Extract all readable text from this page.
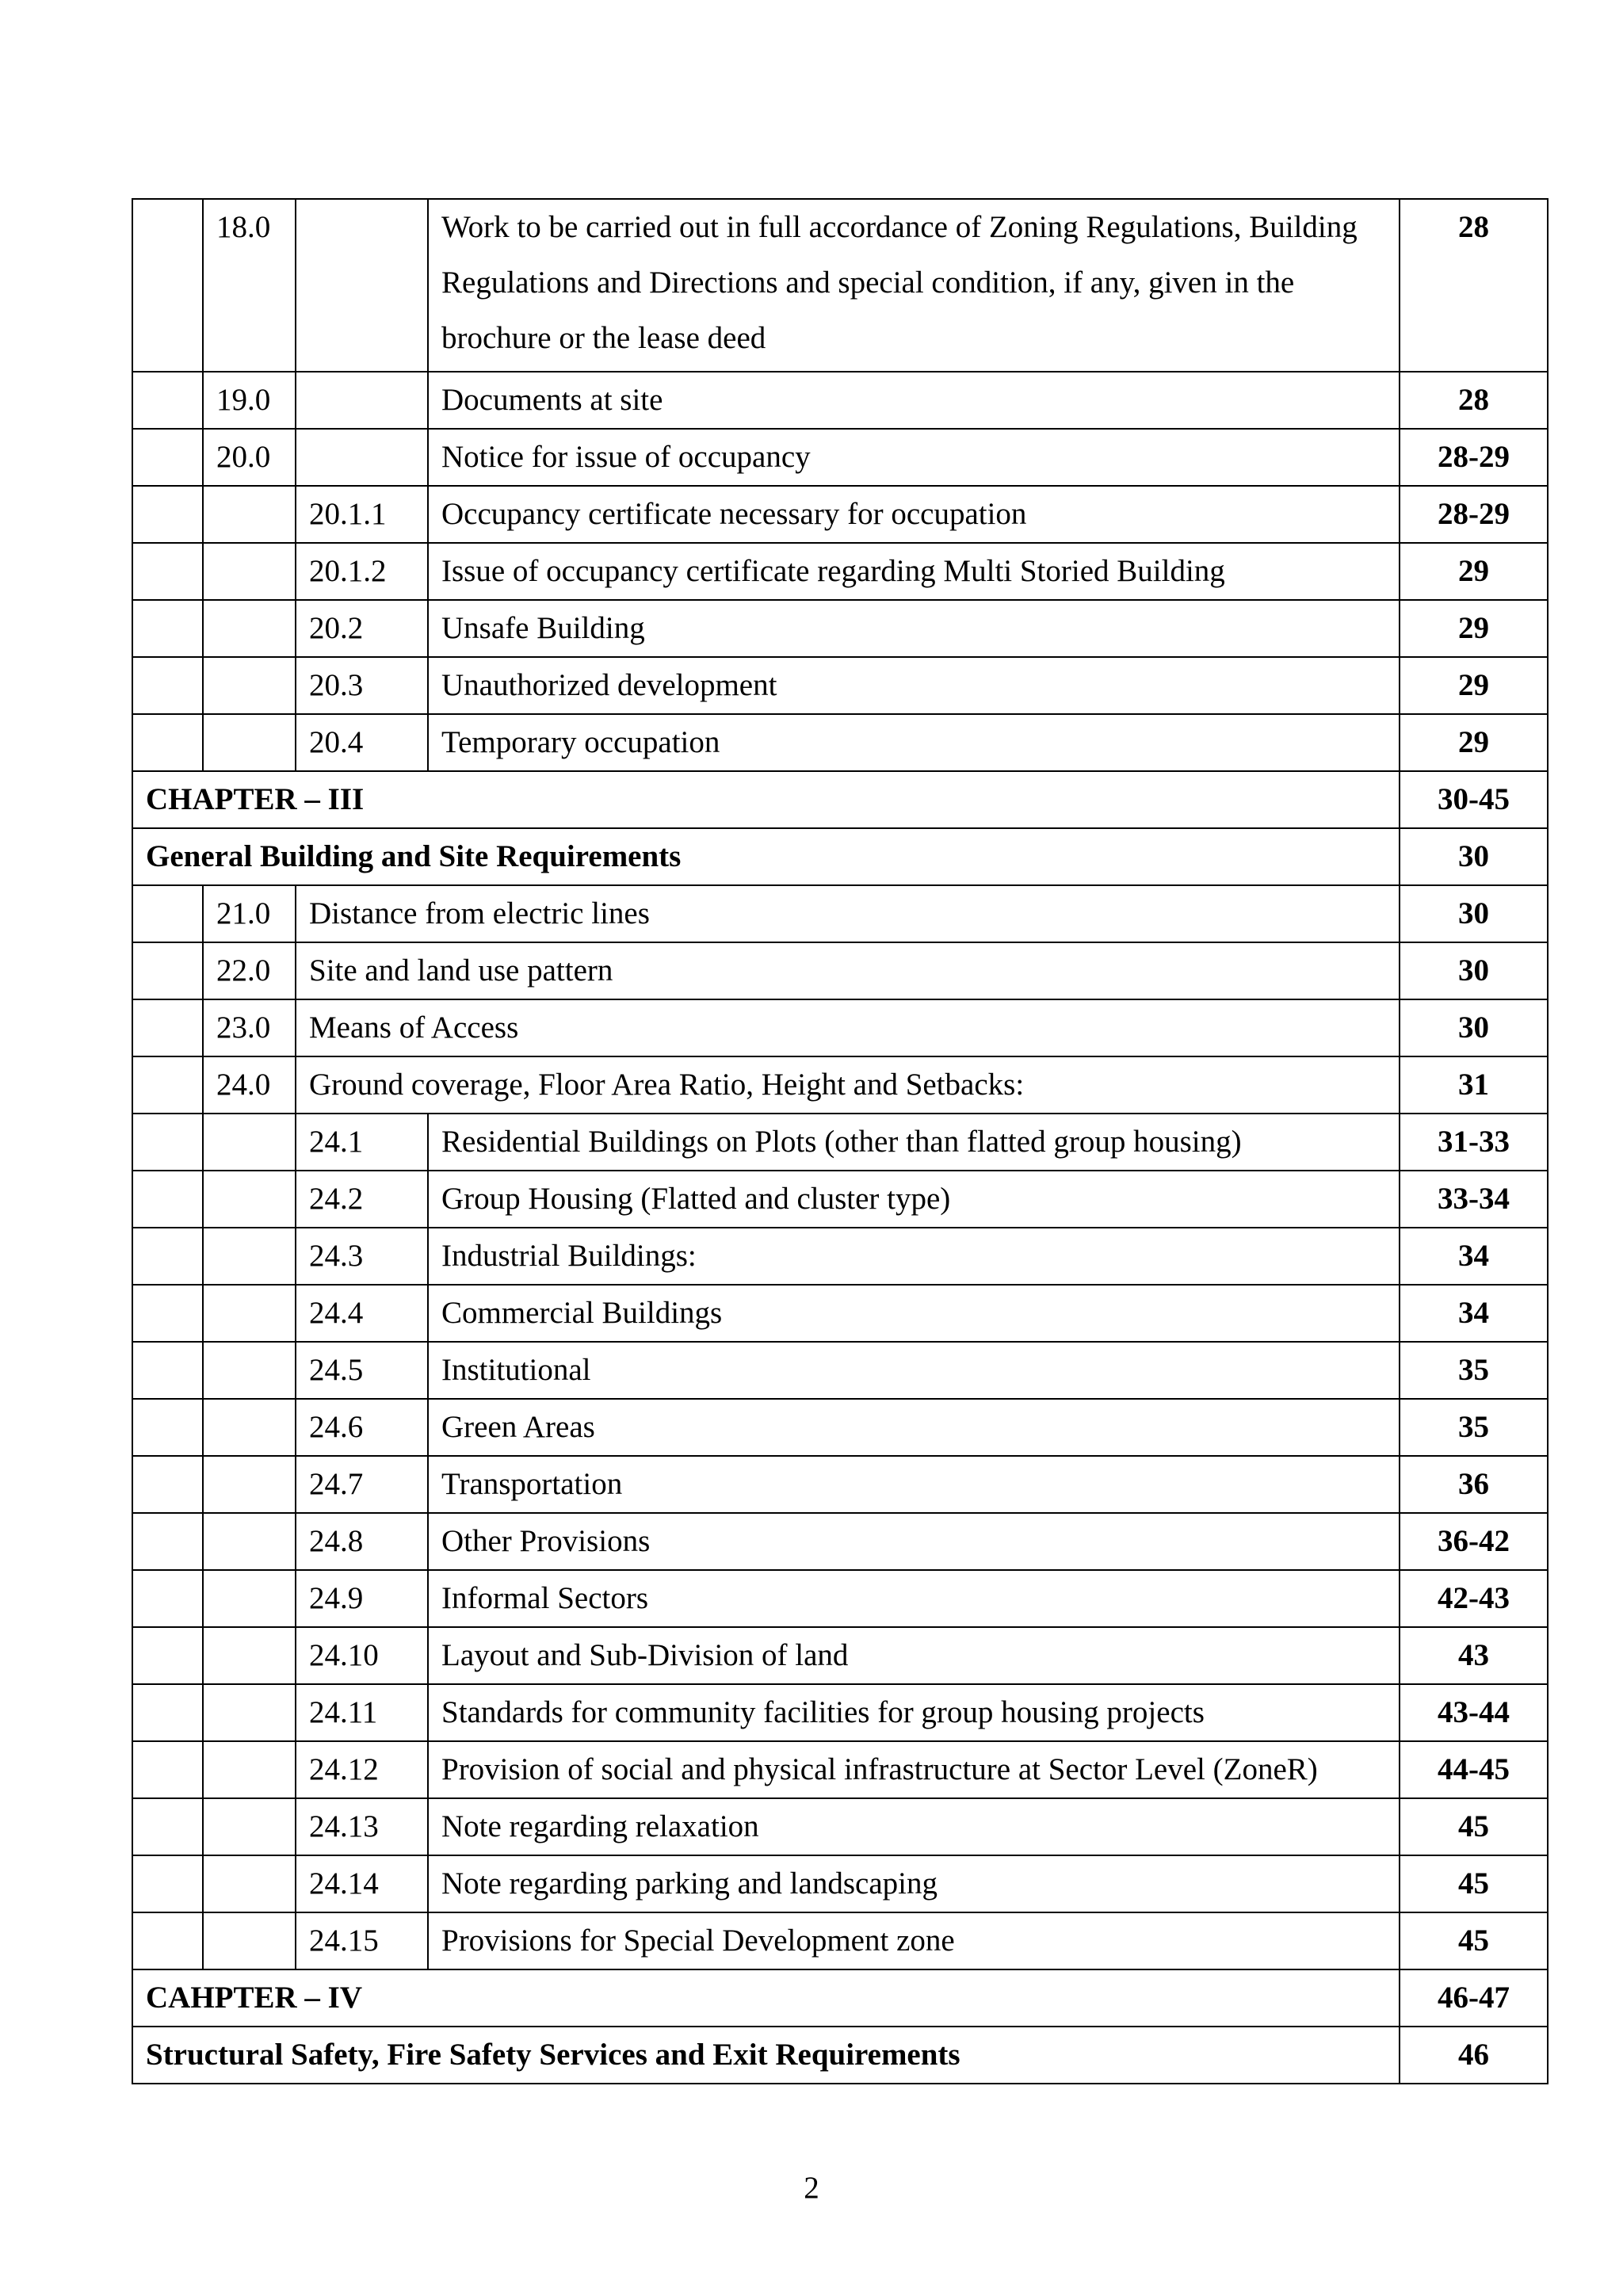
	18.0		Work to be carried out in full accordance of Zoning Regulations, Building Regulations and Directions and special condition, if any, given in the brochure or the lease deed	28
	19.0		Documents at site	28
	20.0		Notice for issue of occupancy	28-29
		20.1.1	Occupancy certificate necessary for occupation	28-29
		20.1.2	Issue of occupancy certificate regarding Multi Storied Building	29
		20.2	Unsafe Building	29
		20.3	Unauthorized development	29
		20.4	Temporary occupation	29
CHAPTER – III				30-45
General Building and Site Requirements				30
	21.0	Distance from electric lines		30
	22.0	Site and land use pattern		30
	23.0	Means of Access		30
	24.0	Ground coverage, Floor Area Ratio, Height and Setbacks:		31
		24.1	Residential Buildings on Plots (other than flatted group housing)	31-33
		24.2	Group Housing (Flatted and cluster type)	33-34
		24.3	Industrial Buildings:	34
		24.4	Commercial Buildings	34
		24.5	Institutional	35
		24.6	Green Areas	35
		24.7	Transportation	36
		24.8	Other Provisions	36-42
		24.9	Informal Sectors	42-43
		24.10	Layout and Sub-Division of land	43
		24.11	Standards for community facilities for group housing projects	43-44
		24.12	Provision of social and physical infrastructure at Sector Level (ZoneR)	44-45
		24.13	Note regarding relaxation	45
		24.14	Note regarding parking and landscaping	45
		24.15	Provisions for Special Development zone	45
CAHPTER – IV				46-47
Structural Safety, Fire Safety Services and Exit Requirements				46
2
